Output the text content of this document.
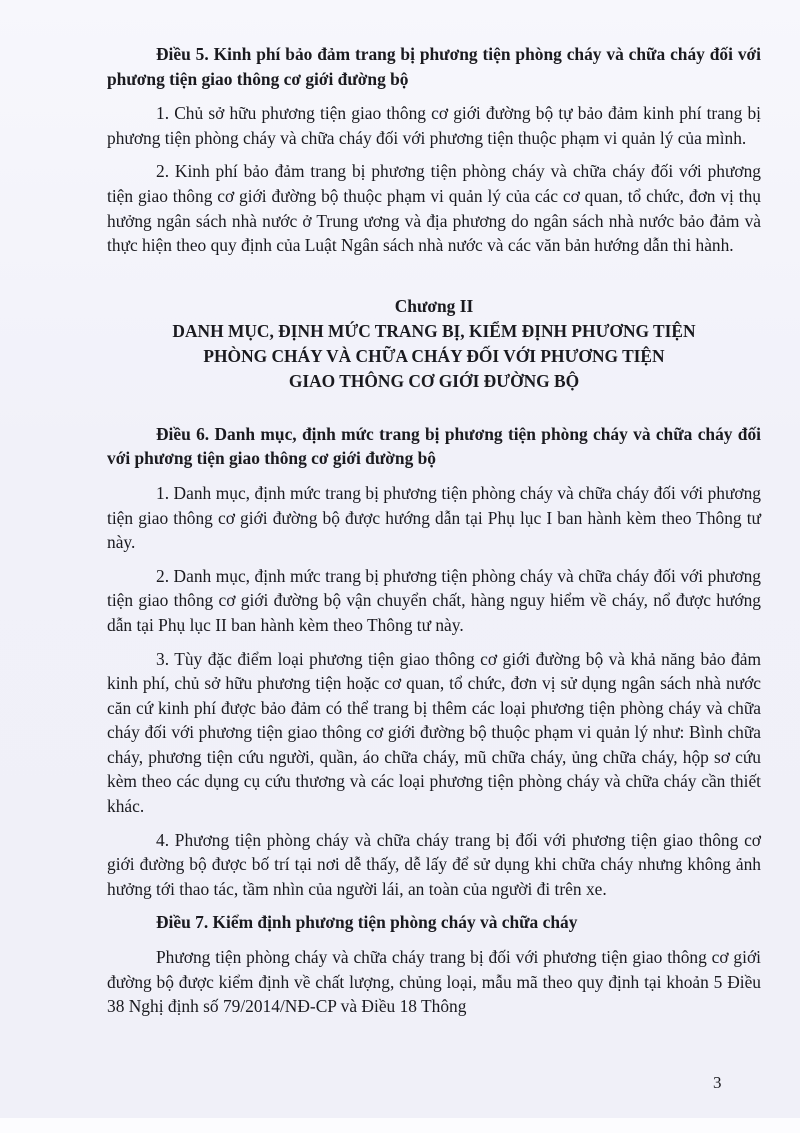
Điều 5. Kinh phí bảo đảm trang bị phương tiện phòng cháy và chữa cháy đối với phương tiện giao thông cơ giới đường bộ

1. Chủ sở hữu phương tiện giao thông cơ giới đường bộ tự bảo đảm kinh phí trang bị phương tiện phòng cháy và chữa cháy đối với phương tiện thuộc phạm vi quản lý của mình.

2. Kinh phí bảo đảm trang bị phương tiện phòng cháy và chữa cháy đối với phương tiện giao thông cơ giới đường bộ thuộc phạm vi quản lý của các cơ quan, tổ chức, đơn vị thụ hưởng ngân sách nhà nước ở Trung ương và địa phương do ngân sách nhà nước bảo đảm và thực hiện theo quy định của Luật Ngân sách nhà nước và các văn bản hướng dẫn thi hành.

Chương II
DANH MỤC, ĐỊNH MỨC TRANG BỊ, KIỂM ĐỊNH PHƯƠNG TIỆN
PHÒNG CHÁY VÀ CHỮA CHÁY ĐỐI VỚI PHƯƠNG TIỆN
GIAO THÔNG CƠ GIỚI ĐƯỜNG BỘ

Điều 6. Danh mục, định mức trang bị phương tiện phòng cháy và chữa cháy đối với phương tiện giao thông cơ giới đường bộ

1. Danh mục, định mức trang bị phương tiện phòng cháy và chữa cháy đối với phương tiện giao thông cơ giới đường bộ được hướng dẫn tại Phụ lục I ban hành kèm theo Thông tư này.

2. Danh mục, định mức trang bị phương tiện phòng cháy và chữa cháy đối với phương tiện giao thông cơ giới đường bộ vận chuyển chất, hàng nguy hiểm về cháy, nổ được hướng dẫn tại Phụ lục II ban hành kèm theo Thông tư này.

3. Tùy đặc điểm loại phương tiện giao thông cơ giới đường bộ và khả năng bảo đảm kinh phí, chủ sở hữu phương tiện hoặc cơ quan, tổ chức, đơn vị sử dụng ngân sách nhà nước căn cứ kinh phí được bảo đảm có thể trang bị thêm các loại phương tiện phòng cháy và chữa cháy đối với phương tiện giao thông cơ giới đường bộ thuộc phạm vi quản lý như: Bình chữa cháy, phương tiện cứu người, quần, áo chữa cháy, mũ chữa cháy, ủng chữa cháy, hộp sơ cứu kèm theo các dụng cụ cứu thương và các loại phương tiện phòng cháy và chữa cháy cần thiết khác.

4. Phương tiện phòng cháy và chữa cháy trang bị đối với phương tiện giao thông cơ giới đường bộ được bố trí tại nơi dễ thấy, dễ lấy để sử dụng khi chữa cháy nhưng không ảnh hưởng tới thao tác, tầm nhìn của người lái, an toàn của người đi trên xe.

Điều 7. Kiểm định phương tiện phòng cháy và chữa cháy

Phương tiện phòng cháy và chữa cháy trang bị đối với phương tiện giao thông cơ giới đường bộ được kiểm định về chất lượng, chủng loại, mẫu mã theo quy định tại khoản 5 Điều 38 Nghị định số 79/2014/NĐ-CP và Điều 18 Thông

3
